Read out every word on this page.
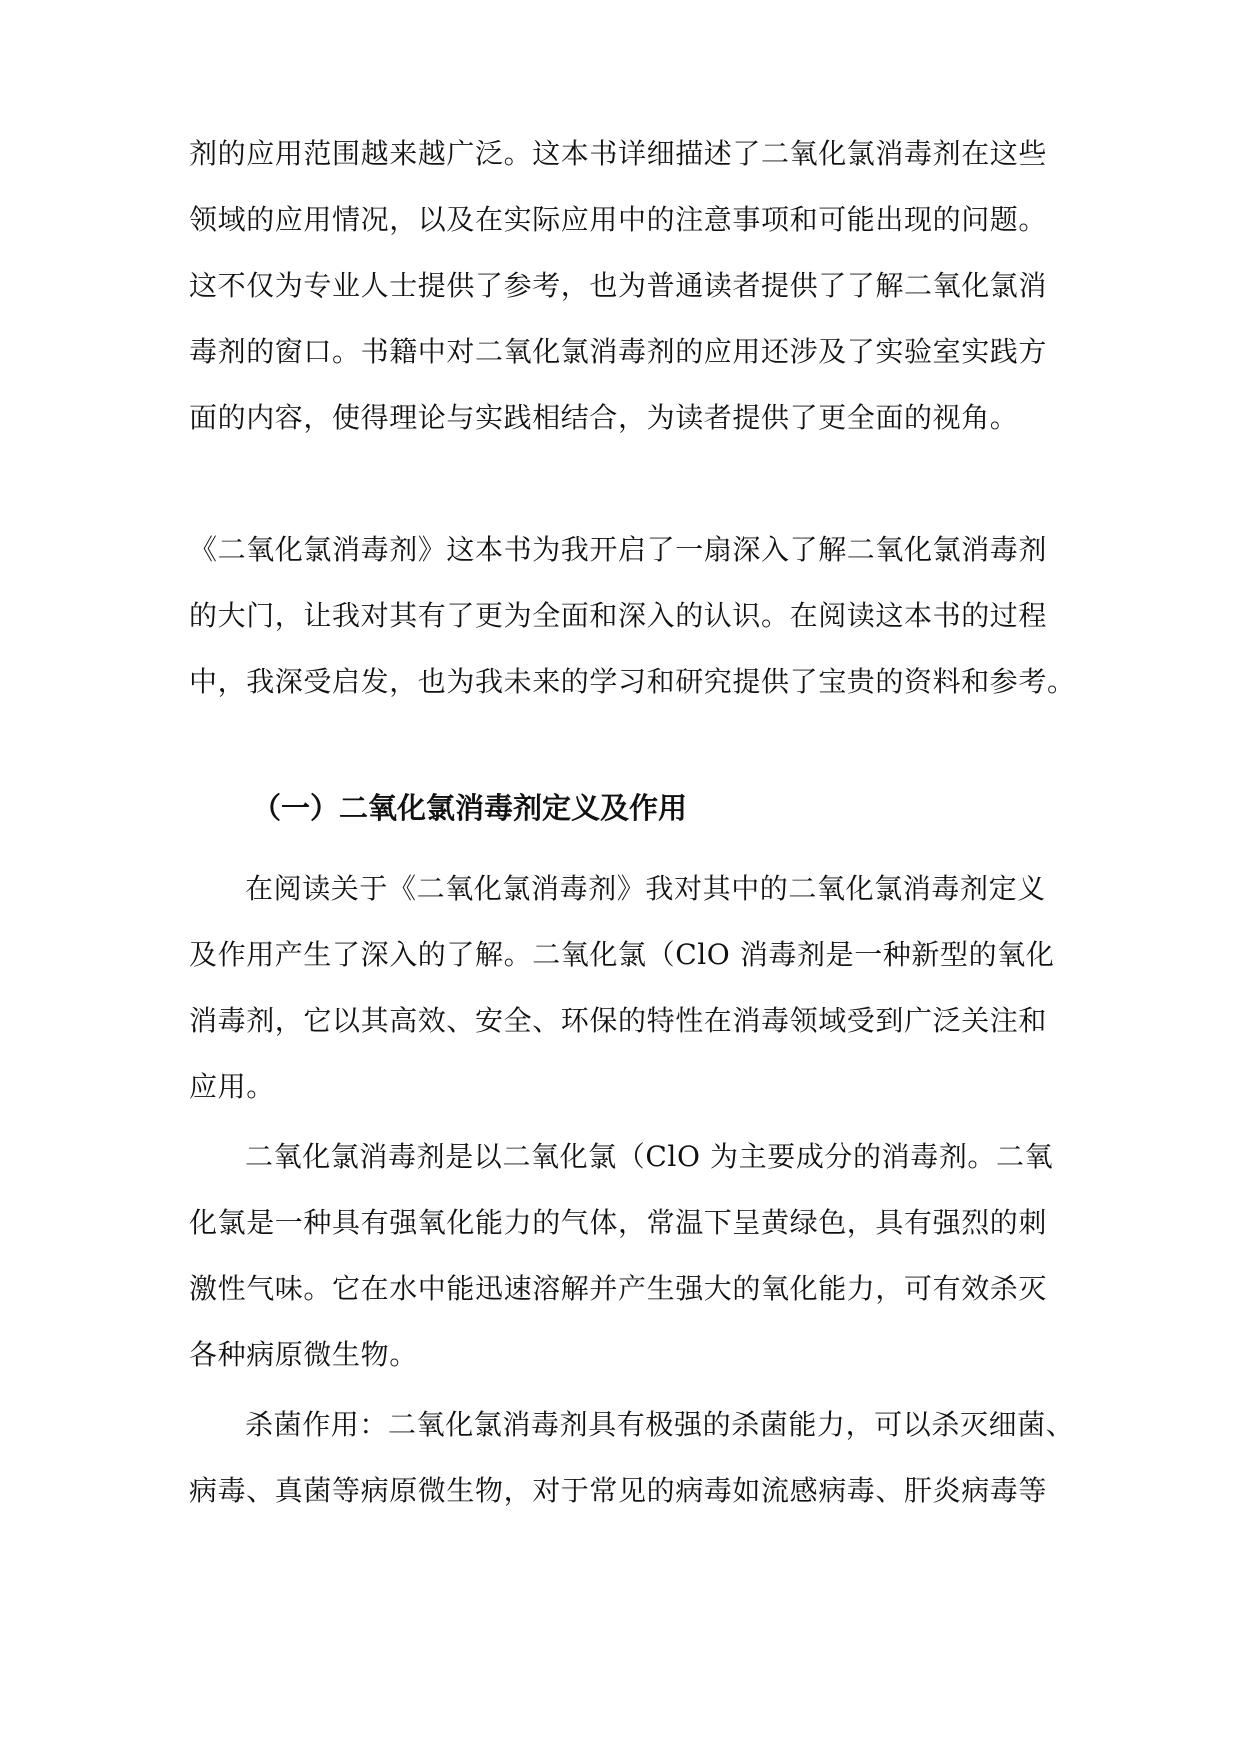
剂的应用范围越来越广泛。这本书详细描述了二氧化氯消毒剂在这些
领域的应用情况，以及在实际应用中的注意事项和可能出现的问题。
这不仅为专业人士提供了参考，也为普通读者提供了了解二氧化氯消
毒剂的窗口。书籍中对二氧化氯消毒剂的应用还涉及了实验室实践方
面的内容，使得理论与实践相结合，为读者提供了更全面的视角。
《二氧化氯消毒剂》这本书为我开启了一扇深入了解二氧化氯消毒剂
的大门，让我对其有了更为全面和深入的认识。在阅读这本书的过程
中，我深受启发，也为我未来的学习和研究提供了宝贵的资料和参考。
（一）二氧化氯消毒剂定义及作用
在阅读关于《二氧化氯消毒剂》我对其中的二氧化氯消毒剂定义
及作用产生了深入的了解。二氧化氯（ClO 消毒剂是一种新型的氧化
消毒剂，它以其高效、安全、环保的特性在消毒领域受到广泛关注和
应用。
二氧化氯消毒剂是以二氧化氯（ClO 为主要成分的消毒剂。二氧
化氯是一种具有强氧化能力的气体，常温下呈黄绿色，具有强烈的刺
激性气味。它在水中能迅速溶解并产生强大的氧化能力，可有效杀灭
各种病原微生物。
杀菌作用：二氧化氯消毒剂具有极强的杀菌能力，可以杀灭细菌、
病毒、真菌等病原微生物，对于常见的病毒如流感病毒、肝炎病毒等
